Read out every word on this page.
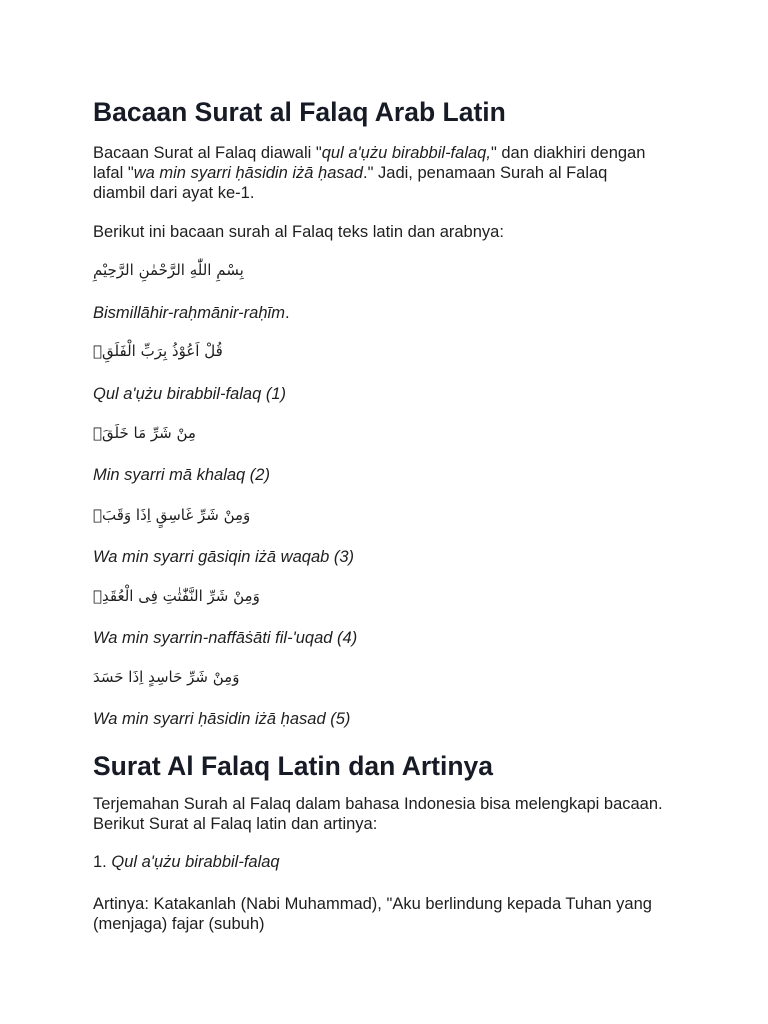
Bacaan Surat al Falaq Arab Latin

Bacaan Surat al Falaq diawali "qul a'ụżu birabbil-falaq," dan diakhiri dengan lafal "wa min syarri ḥāsidin iżā ḥasad." Jadi, penamaan Surah al Falaq diambil dari ayat ke-1.

Berikut ini bacaan surah al Falaq teks latin dan arabnya:

بِسْمِ اللّٰهِ الرَّحْمٰنِ الرَّحِيْمِ

Bismillāhir-raḥmānir-raḥīm.

قُلْ اَعُوْذُ بِرَبِّ الْفَلَقِۙ

Qul a'ụżu birabbil-falaq (1)

مِنْ شَرِّ مَا خَلَقَۙ

Min syarri mā khalaq (2)

وَمِنْ شَرِّ غَاسِقٍ اِذَا وَقَبَۙ

Wa min syarri gāsiqin iżā waqab (3)

وَمِنْ شَرِّ النَّفّٰثٰتِ فِى الْعُقَدِۙ

Wa min syarrin-naffāṡāti fil-'uqad (4)

وَمِنْ شَرِّ حَاسِدٍ اِذَا حَسَدَ

Wa min syarri ḥāsidin iżā ḥasad (5)

Surat Al Falaq Latin dan Artinya

Terjemahan Surah al Falaq dalam bahasa Indonesia bisa melengkapi bacaan. Berikut Surat al Falaq latin dan artinya:

1. Qul a'ụżu birabbil-falaq

Artinya: Katakanlah (Nabi Muhammad), "Aku berlindung kepada Tuhan yang (menjaga) fajar (subuh)
